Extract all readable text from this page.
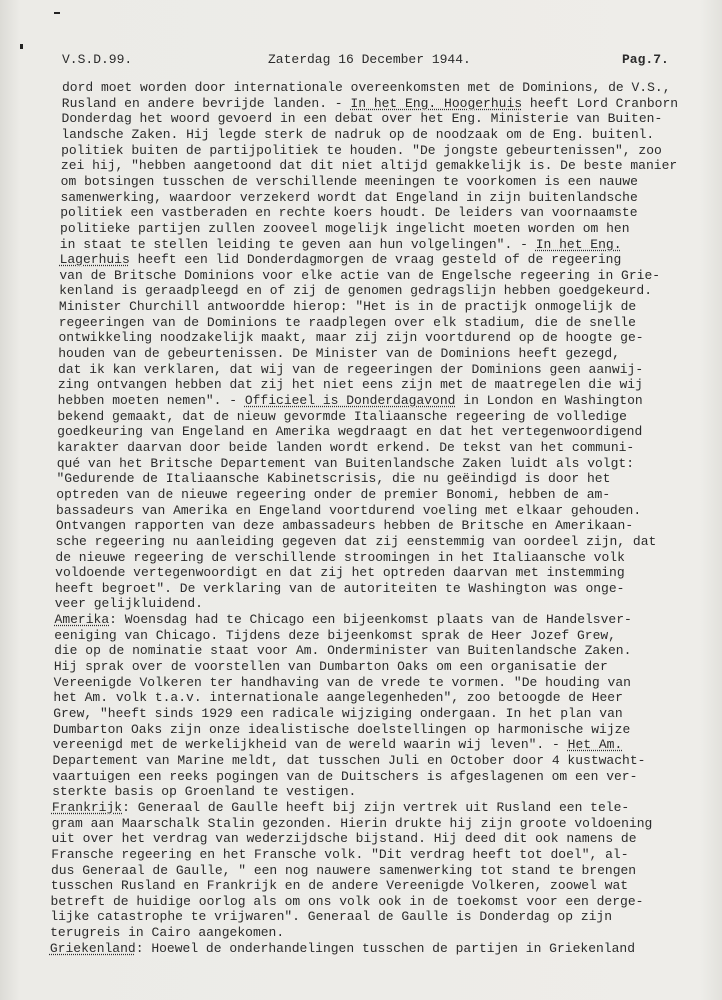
V.S.D.99.	Zaterdag 16 December 1944.	Pag.7.
dord moet worden door internationale overeenkomsten met de Dominions, de V.S.,
Rusland en andere bevrijde landen. - In het Eng. Hoogerhuis heeft Lord Cranborn
Donderdag het woord gevoerd in een debat over het Eng. Ministerie van Buiten-
landsche Zaken. Hij legde sterk de nadruk op de noodzaak om de Eng. buitenl.
politiek buiten de partijpolitiek te houden. "De jongste gebeurtenissen", zoo
zei hij, "hebben aangetoond dat dit niet altijd gemakkelijk is. De beste manier
om botsingen tusschen de verschillende meeningen te voorkomen is een nauwe
samenwerking, waardoor verzekerd wordt dat Engeland in zijn buitenlandsche
politiek een vastberaden en rechte koers houdt. De leiders van voornaamste
politieke partijen zullen zooveel mogelijk ingelicht moeten worden om hen
in staat te stellen leiding te geven aan hun volgelingen". - In het Eng.
Lagerhuis heeft een lid Donderdagmorgen de vraag gesteld of de regeering
van de Britsche Dominions voor elke actie van de Engelsche regeering in Grie-
kenland is geraadpleegd en of zij de genomen gedragslijn hebben goedgekeurd.
Minister Churchill antwoordde hierop: "Het is in de practijk onmogelijk de
regeeringen van de Dominions te raadplegen over elk stadium, die de snelle
ontwikkeling noodzakelijk maakt, maar zij zijn voortdurend op de hoogte ge-
houden van de gebeurtenissen. De Minister van de Dominions heeft gezegd,
dat ik kan verklaren, dat wij van de regeeringen der Dominions geen aanwij-
zing ontvangen hebben dat zij het niet eens zijn met de maatregelen die wij
hebben moeten nemen". - Officieel is Donderdagavond in London en Washington
bekend gemaakt, dat de nieuw gevormde Italiaansche regeering de volledige
goedkeuring van Engeland en Amerika wegdraagt en dat het vertegenwoordigend
karakter daarvan door beide landen wordt erkend. De tekst van het communi-
qué van het Britsche Departement van Buitenlandsche Zaken luidt als volgt:
"Gedurende de Italiaansche Kabinetscrisis, die nu geëindigd is door het
optreden van de nieuwe regeering onder de premier Bonomi, hebben de am-
bassadeurs van Amerika en Engeland voortdurend voeling met elkaar gehouden.
Ontvangen rapporten van deze ambassadeurs hebben de Britsche en Amerikaan-
sche regeering nu aanleiding gegeven dat zij eenstemmig van oordeel zijn, dat
de nieuwe regeering de verschillende stroomingen in het Italiaansche volk
voldoende vertegenwoordigt en dat zij het optreden daarvan met instemming
heeft begroet". De verklaring van de autoriteiten te Washington was onge-
veer gelijkluidend.
Amerika: Woensdag had te Chicago een bijeenkomst plaats van de Handelsver-
eeniging van Chicago. Tijdens deze bijeenkomst sprak de Heer Jozef Grew,
die op de nominatie staat voor Am. Onderminister van Buitenlandsche Zaken.
Hij sprak over de voorstellen van Dumbarton Oaks om een organisatie der
Vereenigde Volkeren ter handhaving van de vrede te vormen. "De houding van
het Am. volk t.a.v. internationale aangelegenheden", zoo betoogde de Heer
Grew, "heeft sinds 1929 een radicale wijziging ondergaan. In het plan van
Dumbarton Oaks zijn onze idealistische doelstellingen op harmonische wijze
vereenigd met de werkelijkheid van de wereld waarin wij leven". - Het Am.
Departement van Marine meldt, dat tusschen Juli en October door 4 kustwacht-
vaartuigen een reeks pogingen van de Duitschers is afgeslagenen om een ver-
sterkte basis op Groenland te vestigen.
Frankrijk: Generaal de Gaulle heeft bij zijn vertrek uit Rusland een tele-
gram aan Maarschalk Stalin gezonden. Hierin drukte hij zijn groote voldoening
uit over het verdrag van wederzijdsche bijstand. Hij deed dit ook namens de
Fransche regeering en het Fransche volk. "Dit verdrag heeft tot doel", al-
dus Generaal de Gaulle, " een nog nauwere samenwerking tot stand te brengen
tusschen Rusland en Frankrijk en de andere Vereenigde Volkeren, zoowel wat
betreft de huidige oorlog als om ons volk ook in de toekomst voor een derge-
lijke catastrophe te vrijwaren". Generaal de Gaulle is Donderdag op zijn
terugreis in Cairo aangekomen.
Griekenland: Hoewel de onderhandelingen tusschen de partijen in Griekenland
